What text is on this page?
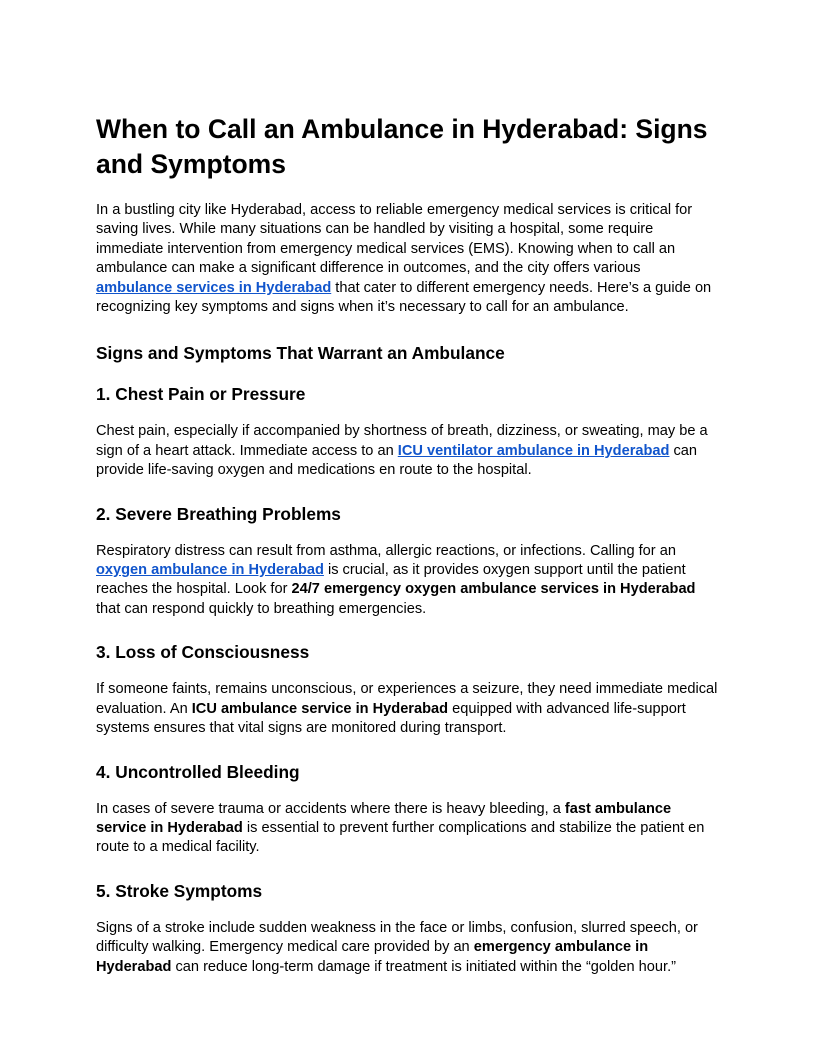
When to Call an Ambulance in Hyderabad: Signs and Symptoms

In a bustling city like Hyderabad, access to reliable emergency medical services is critical for saving lives. While many situations can be handled by visiting a hospital, some require immediate intervention from emergency medical services (EMS). Knowing when to call an ambulance can make a significant difference in outcomes, and the city offers various ambulance services in Hyderabad that cater to different emergency needs. Here’s a guide on recognizing key symptoms and signs when it’s necessary to call for an ambulance.

Signs and Symptoms That Warrant an Ambulance
1. Chest Pain or Pressure

Chest pain, especially if accompanied by shortness of breath, dizziness, or sweating, may be a sign of a heart attack. Immediate access to an ICU ventilator ambulance in Hyderabad can provide life-saving oxygen and medications en route to the hospital.

2. Severe Breathing Problems

Respiratory distress can result from asthma, allergic reactions, or infections. Calling for an oxygen ambulance in Hyderabad is crucial, as it provides oxygen support until the patient reaches the hospital. Look for 24/7 emergency oxygen ambulance services in Hyderabad that can respond quickly to breathing emergencies.

3. Loss of Consciousness

If someone faints, remains unconscious, or experiences a seizure, they need immediate medical evaluation. An ICU ambulance service in Hyderabad equipped with advanced life-support systems ensures that vital signs are monitored during transport.

4. Uncontrolled Bleeding

In cases of severe trauma or accidents where there is heavy bleeding, a fast ambulance service in Hyderabad is essential to prevent further complications and stabilize the patient en route to a medical facility.

5. Stroke Symptoms

Signs of a stroke include sudden weakness in the face or limbs, confusion, slurred speech, or difficulty walking. Emergency medical care provided by an emergency ambulance in Hyderabad can reduce long-term damage if treatment is initiated within the “golden hour.”
